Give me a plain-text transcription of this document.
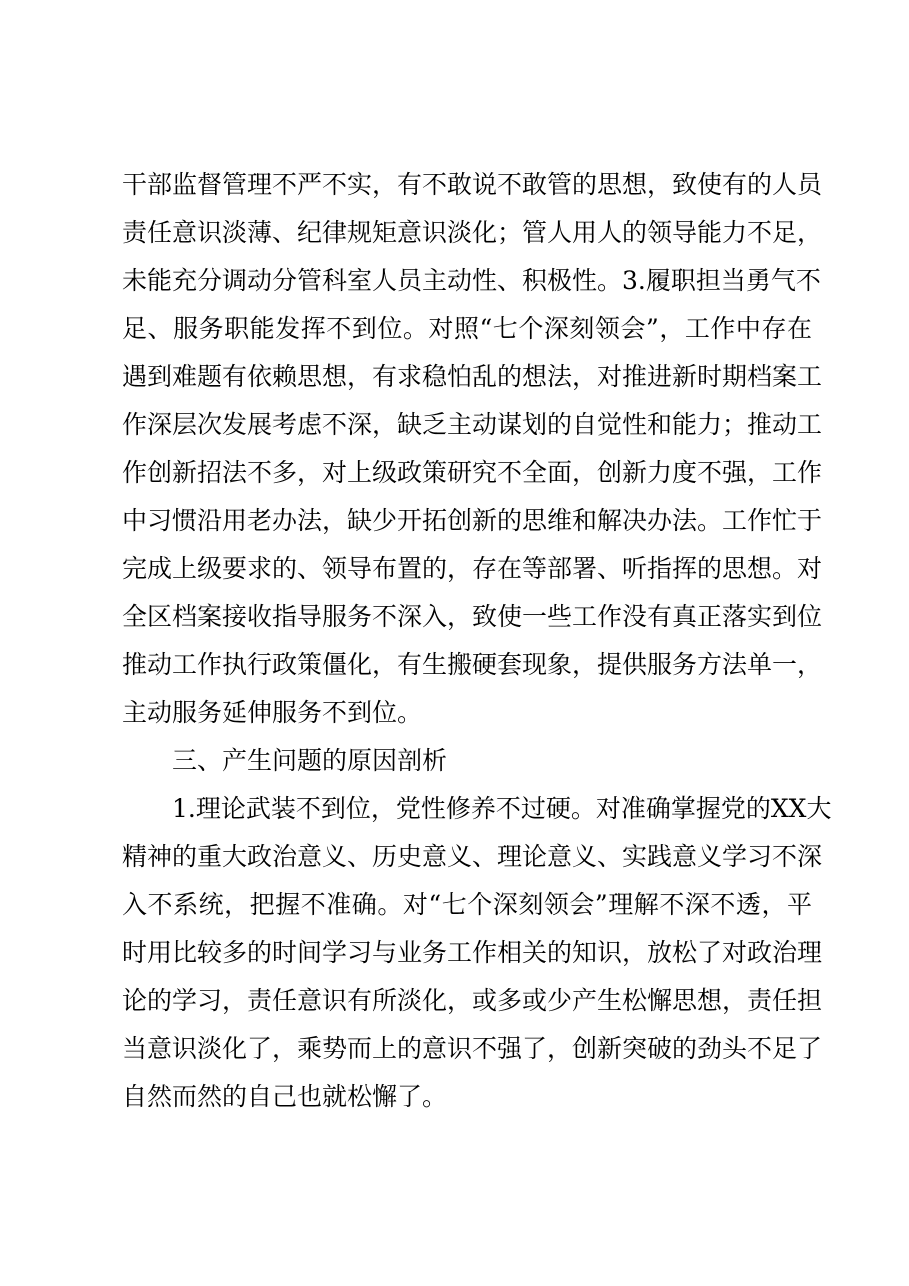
干部监督管理不严不实，有不敢说不敢管的思想，致使有的人员
责任意识淡薄、纪律规矩意识淡化；管人用人的领导能力不足，
未能充分调动分管科室人员主动性、积极性。3.履职担当勇气不
足、服务职能发挥不到位。对照“七个深刻领会”，工作中存在
遇到难题有依赖思想，有求稳怕乱的想法，对推进新时期档案工
作深层次发展考虑不深，缺乏主动谋划的自觉性和能力；推动工
作创新招法不多，对上级政策研究不全面，创新力度不强，工作
中习惯沿用老办法，缺少开拓创新的思维和解决办法。工作忙于
完成上级要求的、领导布置的，存在等部署、听指挥的思想。对
全区档案接收指导服务不深入，致使一些工作没有真正落实到位
推动工作执行政策僵化，有生搬硬套现象，提供服务方法单一，
主动服务延伸服务不到位。
三、产生问题的原因剖析
1.理论武装不到位，党性修养不过硬。对准确掌握党的XX大
精神的重大政治意义、历史意义、理论意义、实践意义学习不深
入不系统，把握不准确。对“七个深刻领会”理解不深不透，平
时用比较多的时间学习与业务工作相关的知识，放松了对政治理
论的学习，责任意识有所淡化，或多或少产生松懈思想，责任担
当意识淡化了，乘势而上的意识不强了，创新突破的劲头不足了
自然而然的自己也就松懈了。
